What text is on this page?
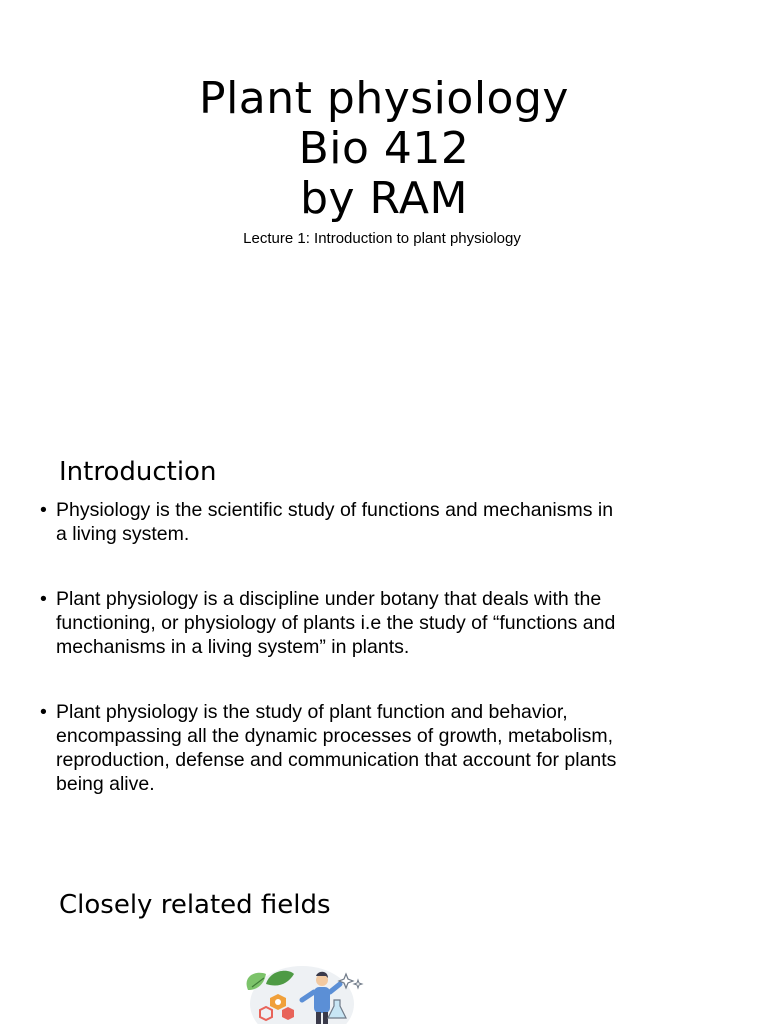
Plant physiology
Bio 412
by RAM
Lecture 1: Introduction to plant physiology
Introduction
• Physiology is the scientific study of functions and mechanisms in a living system.
• Plant physiology is a discipline under botany that deals with the functioning, or physiology of plants i.e the study of “functions and mechanisms in a living system” in plants.
• Plant physiology is the study of plant function and behavior, encompassing all the dynamic processes of growth, metabolism, reproduction, defense and communication that account for plants being alive.
Closely related fields
